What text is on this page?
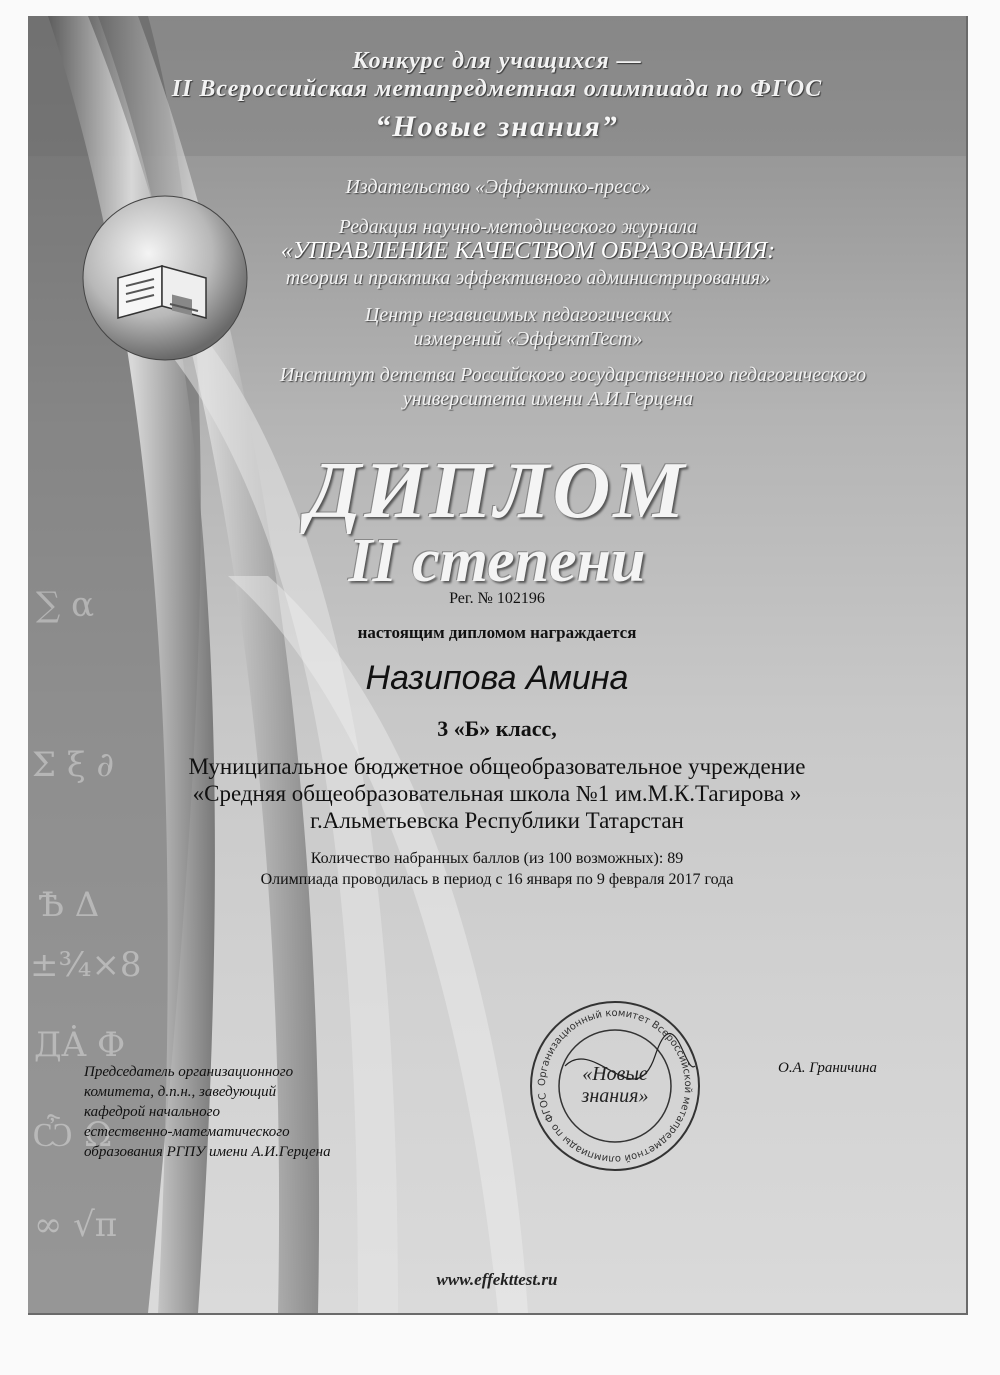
∑ α
Σ ξ ∂
Ѣ Δ
±¾×8
ДȦ Ф
Ѽ Ω
∞ √π
Конкурс для учащихся —
II Всероссийская метапредметная олимпиада по ФГОС
“Новые знания”
Издательство «Эффектико-пресс»
Редакция научно-методического журнала
«УПРАВЛЕНИЕ КАЧЕСТВОМ ОБРАЗОВАНИЯ:
теория и практика эффективного администрирования»
Центр независимых педагогических
измерений «ЭффектТест»
Институт детства Российского государственного педагогического
университета имени А.И.Герцена
ДИПЛОМ
II степени
Рег. № 102196
настоящим дипломом награждается
Назипова Амина
3 «Б» класс,
Муниципальное бюджетное общеобразовательное учреждение
«Средняя общеобразовательная школа №1 им.М.К.Тагирова »
г.Альметьевска Республики Татарстан
Количество набранных баллов (из 100 возможных): 89
Олимпиада проводилась в период с 16 января по 9 февраля 2017 года
Председатель организационного
комитета, д.п.н., заведующий
кафедрой начального
естественно-математического
образования РГПУ имени А.И.Герцена
Организационный комитет Всероссийской метапредметной олимпиады по ФГОС
«Новые
знания»
О.А. Граничина
www.effekttest.ru
